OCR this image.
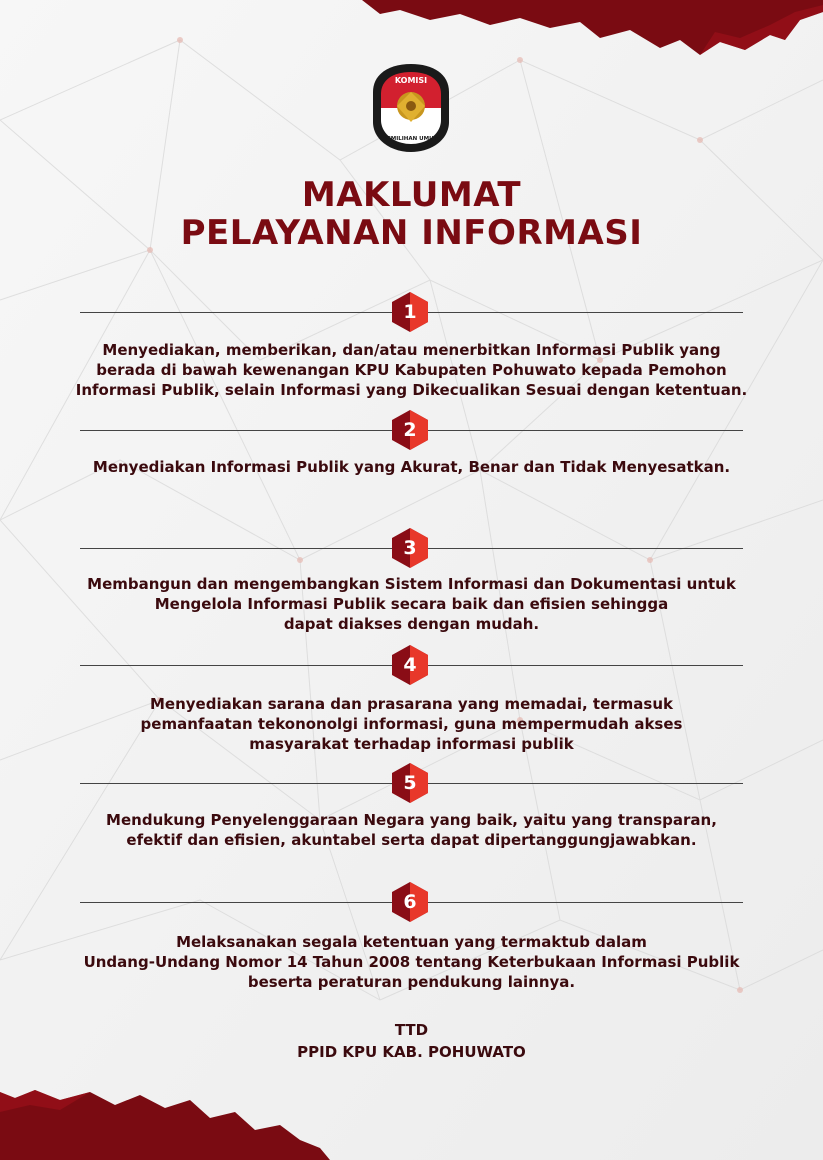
KOMISI
PEMILIHAN UMUM
MAKLUMAT
PELAYANAN INFORMASI
1
Menyediakan, memberikan, dan/atau menerbitkan Informasi Publik yang
berada di bawah kewenangan KPU Kabupaten Pohuwato kepada Pemohon
Informasi Publik, selain Informasi yang Dikecualikan Sesuai dengan ketentuan.
2
Menyediakan Informasi Publik yang Akurat, Benar dan Tidak Menyesatkan.
3
Membangun dan mengembangkan Sistem Informasi dan Dokumentasi untuk
Mengelola Informasi Publik secara baik dan efisien sehingga
dapat diakses dengan mudah.
4
Menyediakan sarana dan prasarana yang memadai, termasuk
pemanfaatan tekononolgi informasi, guna mempermudah akses
masyarakat terhadap informasi publik
5
Mendukung Penyelenggaraan Negara yang baik, yaitu yang transparan,
efektif dan efisien, akuntabel serta dapat dipertanggungjawabkan.
6
Melaksanakan segala ketentuan yang termaktub dalam
Undang-Undang Nomor 14 Tahun 2008 tentang Keterbukaan Informasi Publik
beserta peraturan pendukung lainnya.
TTD
PPID KPU KAB. POHUWATO
